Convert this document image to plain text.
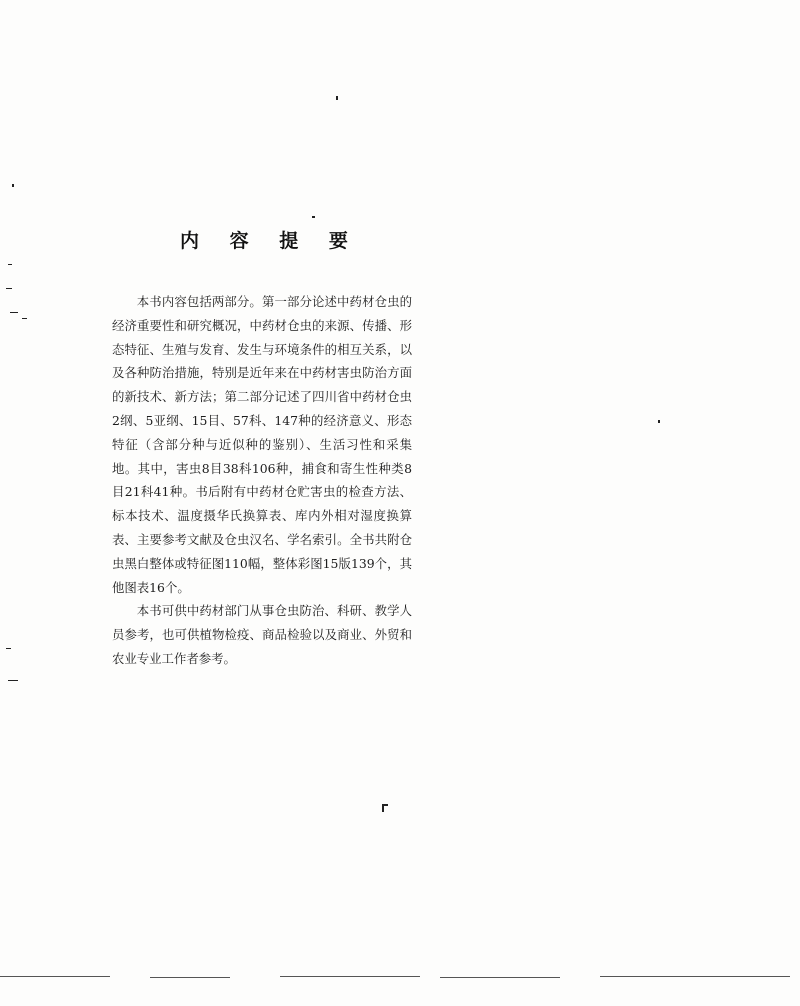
内 容 提 要

本书内容包括两部分。第一部分论述中药材仓虫的经济重要性和研究概况，中药材仓虫的来源、传播、形态特征、生殖与发育、发生与环境条件的相互关系，以及各种防治措施，特别是近年来在中药材害虫防治方面的新技术、新方法；第二部分记述了四川省中药材仓虫2纲、5亚纲、15目、57科、147种的经济意义、形态特征（含部分种与近似种的鉴别）、生活习性和采集地。其中，害虫8目38科106种，捕食和寄生性种类8目21科41种。书后附有中药材仓贮害虫的检查方法、标本技术、温度摄华氏换算表、库内外相对湿度换算表、主要参考文献及仓虫汉名、学名索引。全书共附仓虫黑白整体或特征图110幅，整体彩图15版139个，其他图表16个。

本书可供中药材部门从事仓虫防治、科研、教学人员参考，也可供植物检疫、商品检验以及商业、外贸和农业专业工作者参考。
